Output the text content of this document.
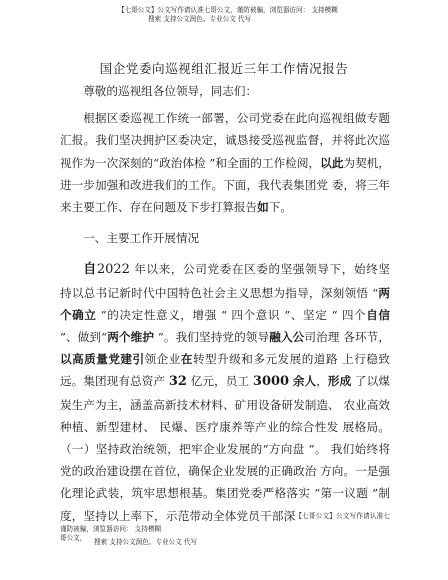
【七哥公文】公文写作请认准七哥公文，谨防被骗，浏览器访问： 支持模糊
搜索 支持公文润色、专业公文 代写
国企党委向巡视组汇报近三年工作情况报告

尊敬的巡视组各位领导，同志们：

根据区委巡视工作统一部署，公司党委在此向巡视组做专题汇报。我们坚决拥护区委决定，诚恳接受巡视监督，并将此次巡视作为一次深刻的“政治体检 ”和全面的工作检阅，以此为契机，进一步加强和改进我们的工作。下面，我代表集团党 委，将三年来主要工作、存在问题及下步打算报告如下。

一、主要工作开展情况

自2022 年以来，公司党委在区委的坚强领导下，始终坚 持以总书记新时代中国特色社会主义思想为指导，深刻领悟 “两个确立 ”的决定性意义，增强 “ 四个意识 ”、坚定 “ 四个自信 ”、做到“两个维护 ”。我们坚持党的领导融入公司治理 各环节，以高质量党建引领企业在转型升级和多元发展的道路 上行稳致远。集团现有总资产 32 亿元，员工 3000 余人，形成 了以煤炭生产为主，涵盖高新技术材料、矿用设备研发制造、 农业高效种植、新型建材、 民爆、医疗康养等产业的综合性发 展格局。（一）坚持政治统领，把牢企业发展的“方向盘 ”。 我们始终将党的政治建设摆在首位，确保企业发展的正确政治 方向。一是强化理论武装，筑牢思想根基。集团党委严格落实 “第一议题 ”制度，坚持以上率下，示范带动全体党员干部深【七哥公文】公文写作请认准七哥公文，

谨防被骗，浏览器访问： 支持模糊
搜索 支持公文润色、专业公文 代写
